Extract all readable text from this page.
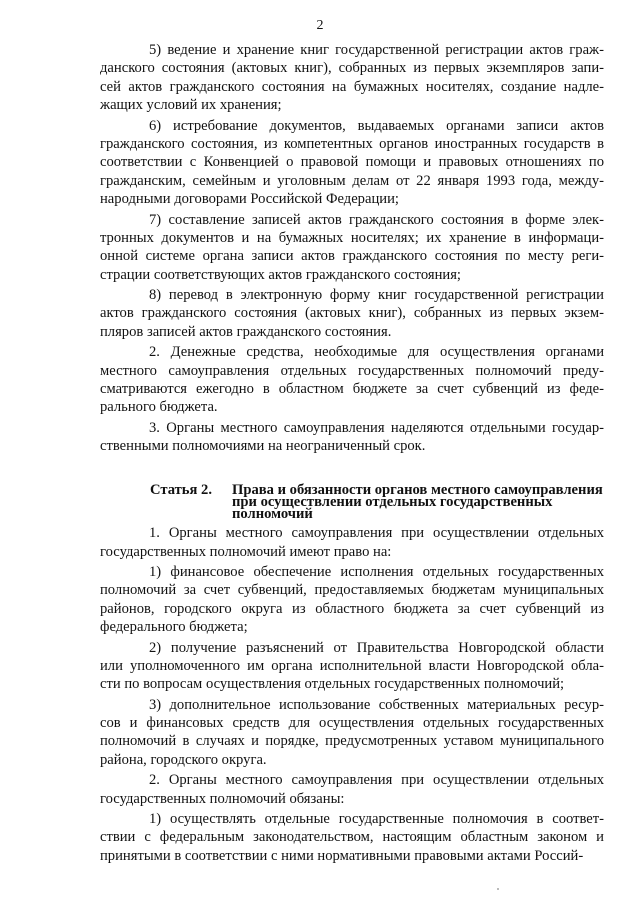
2
5) ведение и хранение книг государственной регистрации актов граж-
данского состояния (актовых книг), собранных из первых экземпляров запи-
сей актов гражданского состояния на бумажных носителях, создание надле-
жащих условий их хранения;
6) истребование документов, выдаваемых органами записи актов
гражданского состояния, из компетентных органов иностранных государств в
соответствии с Конвенцией о правовой помощи и правовых отношениях по
гражданским, семейным и уголовным делам от 22 января 1993 года, между-
народными договорами Российской Федерации;
7) составление записей актов гражданского состояния в форме элек-
тронных документов и на бумажных носителях; их хранение в информаци-
онной системе органа записи актов гражданского состояния по месту реги-
страции соответствующих актов гражданского состояния;
8) перевод в электронную форму книг государственной регистрации
актов гражданского состояния (актовых книг), собранных из первых экзем-
пляров записей актов гражданского состояния.
2. Денежные средства, необходимые для осуществления органами
местного самоуправления отдельных государственных полномочий преду-
сматриваются ежегодно в областном бюджете за счет субвенций из феде-
рального бюджета.
3. Органы местного самоуправления наделяются отдельными государ-
ственными полномочиями на неограниченный срок.
Статья 2.	Права и обязанности органов местного самоуправления
при осуществлении отдельных государственных
полномочий
1. Органы местного самоуправления при осуществлении отдельных
государственных полномочий имеют право на:
1) финансовое обеспечение исполнения отдельных государственных
полномочий за счет субвенций, предоставляемых бюджетам муниципальных
районов, городского округа из областного бюджета за счет субвенций из
федерального бюджета;
2) получение разъяснений от Правительства Новгородской области
или уполномоченного им органа исполнительной власти Новгородской обла-
сти по вопросам осуществления отдельных государственных полномочий;
3) дополнительное использование собственных материальных ресур-
сов и финансовых средств для осуществления отдельных государственных
полномочий в случаях и порядке, предусмотренных уставом муниципального
района, городского округа.
2. Органы местного самоуправления при осуществлении отдельных
государственных полномочий обязаны:
1) осуществлять отдельные государственные полномочия в соответ-
ствии с федеральным законодательством, настоящим областным законом и
принятыми в соответствии с ними нормативными правовыми актами Россий-
